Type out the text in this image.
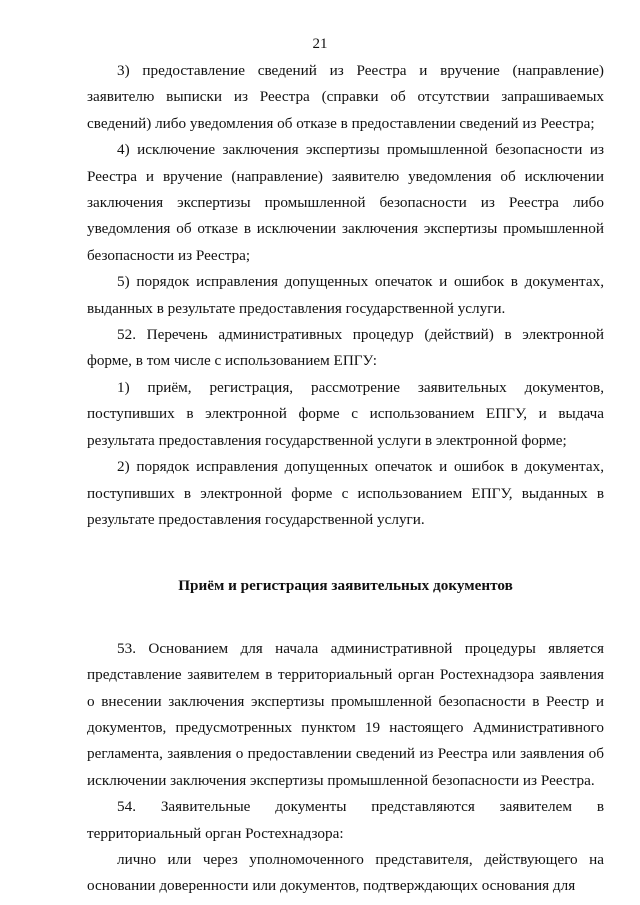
21

3) предоставление сведений из Реестра и вручение (направление) заявителю выписки из Реестра (справки об отсутствии запрашиваемых сведений) либо уведомления об отказе в предоставлении сведений из Реестра;

4) исключение заключения экспертизы промышленной безопасности из Реестра и вручение (направление) заявителю уведомления об исключении заключения экспертизы промышленной безопасности из Реестра либо уведомления об отказе в исключении заключения экспертизы промышленной безопасности из Реестра;

5) порядок исправления допущенных опечаток и ошибок в документах, выданных в результате предоставления государственной услуги.

52. Перечень административных процедур (действий) в электронной форме, в том числе с использованием ЕПГУ:

1) приём, регистрация, рассмотрение заявительных документов, поступивших в электронной форме с использованием ЕПГУ, и выдача результата предоставления государственной услуги в электронной форме;

2) порядок исправления допущенных опечаток и ошибок в документах, поступивших в электронной форме с использованием ЕПГУ, выданных в результате предоставления государственной услуги.

Приём и регистрация заявительных документов

53. Основанием для начала административной процедуры является представление заявителем в территориальный орган Ростехнадзора заявления о внесении заключения экспертизы промышленной безопасности в Реестр и документов, предусмотренных пунктом 19 настоящего Административного регламента, заявления о предоставлении сведений из Реестра или заявления об исключении заключения экспертизы промышленной безопасности из Реестра.

54. Заявительные документы представляются заявителем в территориальный орган Ростехнадзора:

лично или через уполномоченного представителя, действующего на основании доверенности или документов, подтверждающих основания для
